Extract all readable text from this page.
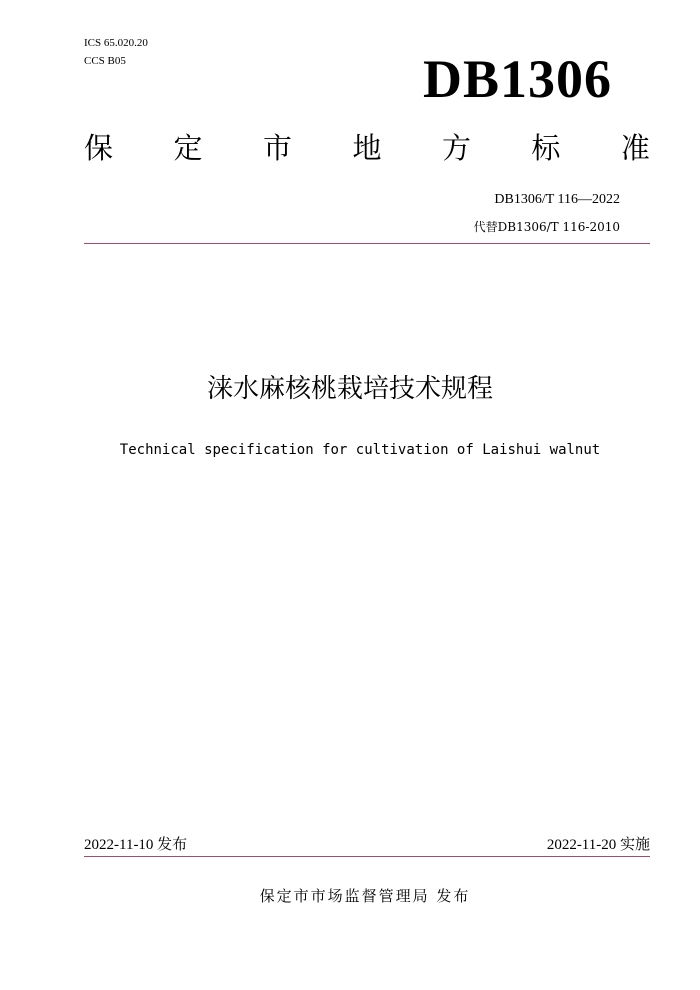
ICS 65.020.20
CCS B05	DB1306
保 定 市 地 方 标 准
DB1306/T 116—2022
代替DB1306/T 116-2010
涞水麻核桃栽培技术规程
Technical specification for cultivation of Laishui walnut
2022-11-10 发布	2022-11-20 实施
保定市市场监督管理局 发布
